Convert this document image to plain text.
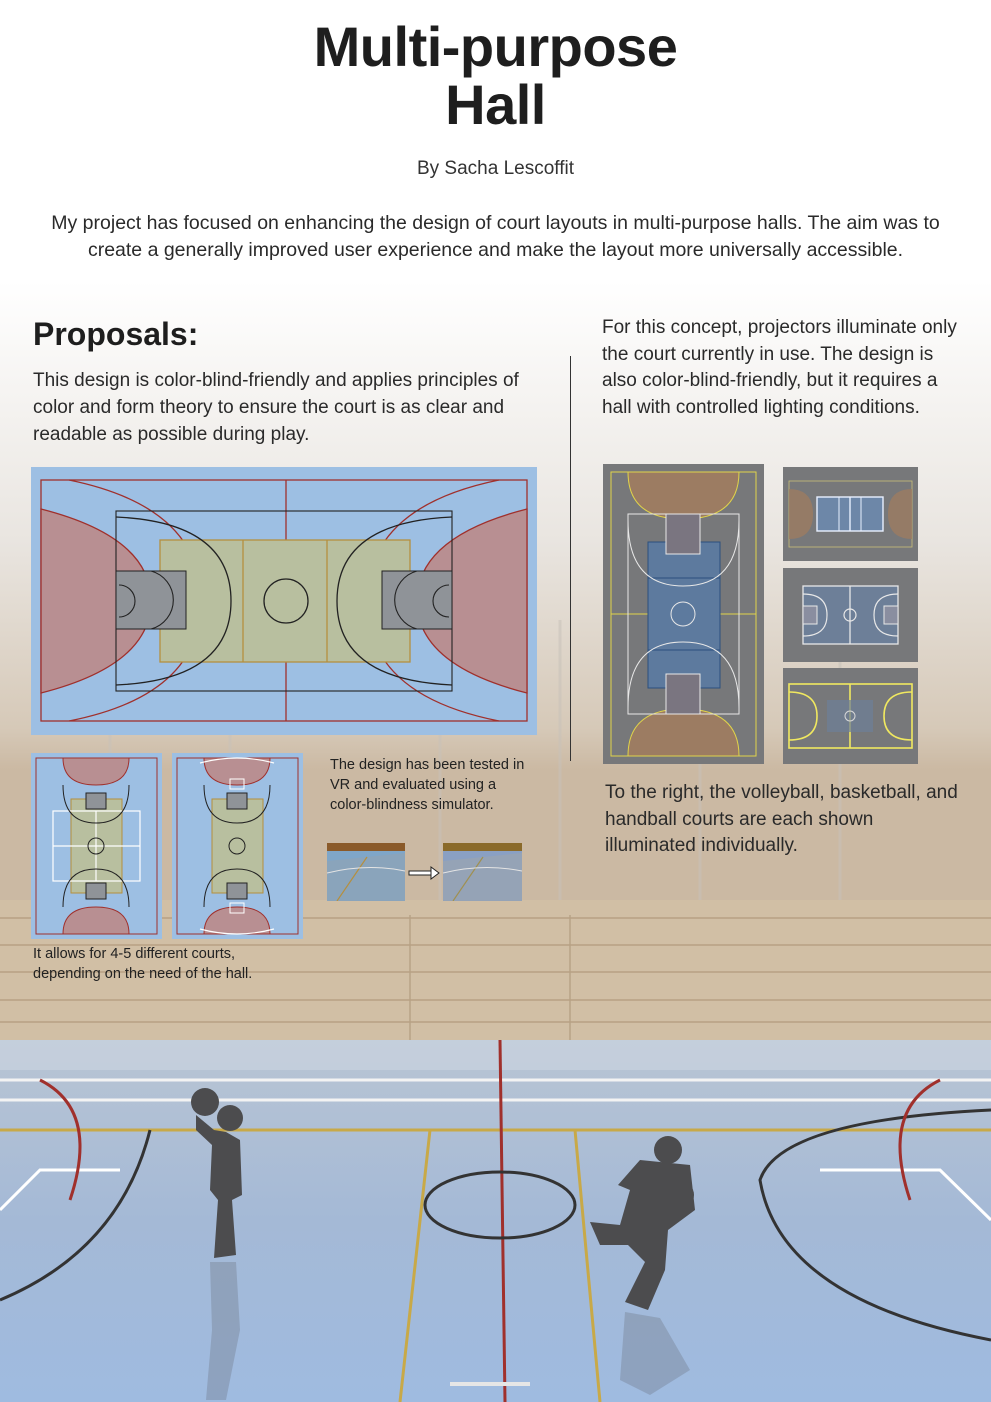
Multi-purpose
Hall
By Sacha Lescoffit
My project has focused on enhancing the design of court layouts in multi-purpose halls. The aim was to create a generally improved user experience and make the layout more universally accessible.
Proposals:
This design is color-blind-friendly and applies principles of color and form theory to ensure the court is as clear and readable as possible during play.
The design has been tested in VR and evaluated using a color-blindness simulator.
It allows for 4-5 different courts, depending on the need of the hall.
For this concept, projectors illuminate only the court currently in use. The design is also color-blind-friendly, but it requires a hall with controlled lighting conditions.
To the right, the volleyball, basketball, and handball courts are each shown illuminated individually.
